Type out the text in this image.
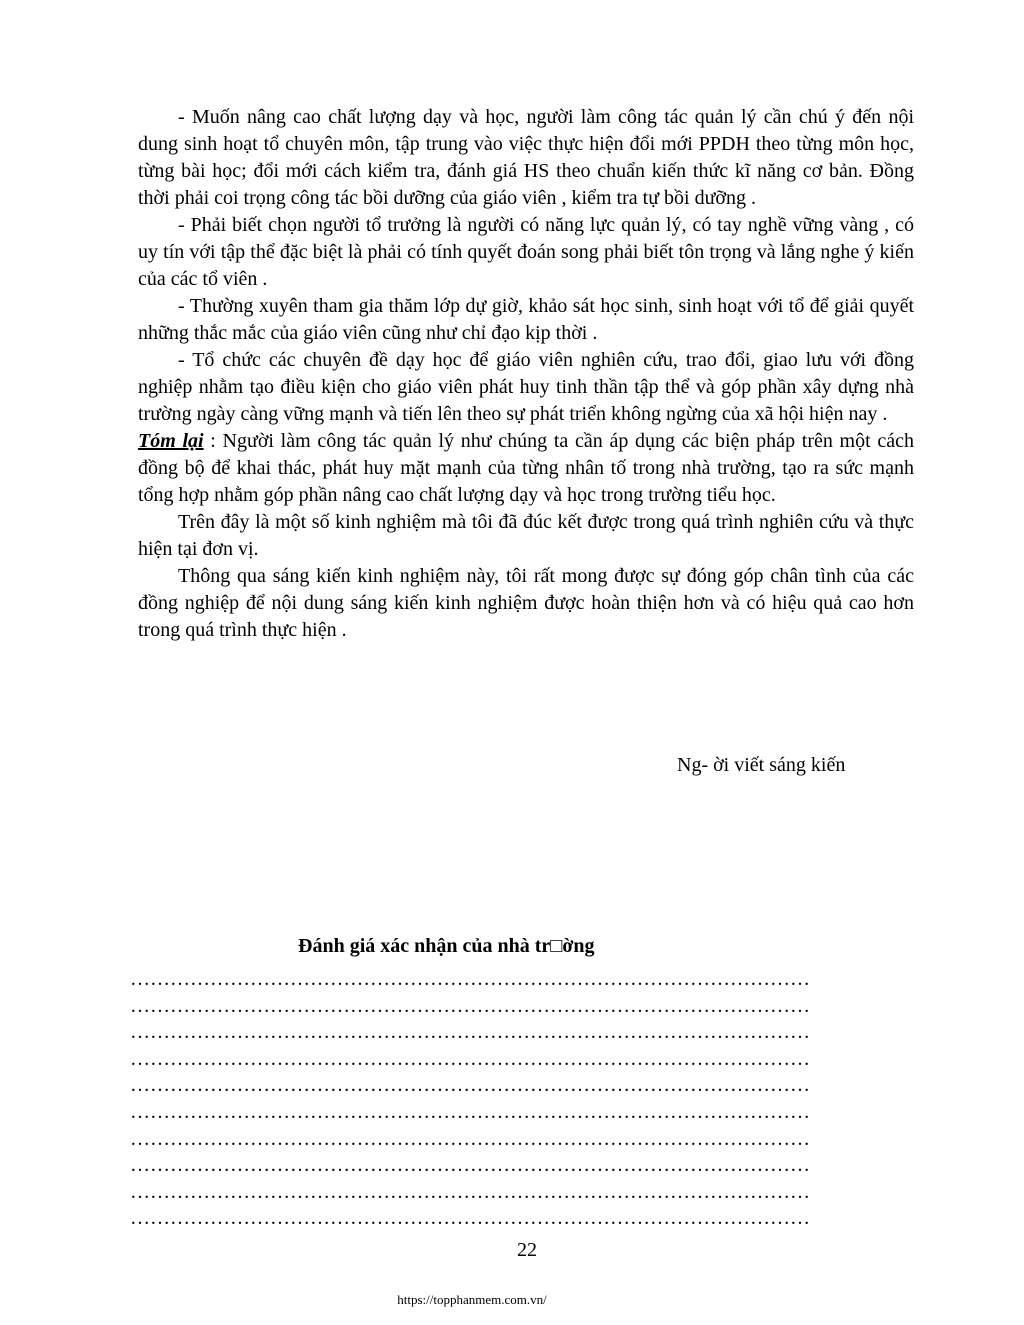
- Muốn nâng cao chất lượng dạy và học, người làm công tác quản lý cần chú ý đến nội dung sinh hoạt tổ chuyên môn, tập trung vào việc thực hiện đổi mới PPDH theo từng môn học, từng bài học; đổi mới cách kiểm tra, đánh giá HS theo chuẩn kiến thức kĩ năng cơ bản. Đồng thời phải coi trọng công tác bồi dưỡng của giáo viên , kiểm tra tự bồi dưỡng .

- Phải biết chọn người tổ trưởng là người có năng lực quản lý, có tay nghề vững vàng , có uy tín với tập thể đặc biệt là phải có tính quyết đoán song phải biết tôn trọng và lắng nghe ý kiến của các tổ viên .

- Thường xuyên tham gia thăm lớp dự giờ, khảo sát học sinh, sinh hoạt với tổ để giải quyết những thắc mắc của giáo viên cũng như chỉ đạo kịp thời .

- Tổ chức các chuyên đề dạy học để giáo viên nghiên cứu, trao đổi, giao lưu với đồng nghiệp nhằm tạo điều kiện cho giáo viên phát huy tinh thần tập thể và góp phần xây dựng nhà trường ngày càng vững mạnh và tiến lên theo sự phát triển không ngừng của xã hội hiện nay .

Tóm lại : Người làm công tác quản lý như chúng ta cần áp dụng các biện pháp trên một cách đồng bộ để khai thác, phát huy mặt mạnh của từng nhân tố trong nhà trường, tạo ra sức mạnh tổng hợp nhằm góp phần nâng cao chất lượng dạy và học trong trường tiểu học.

Trên đây là một số kinh nghiệm mà tôi đã đúc kết được trong quá trình nghiên cứu và thực hiện tại đơn vị.

Thông qua sáng kiến kinh nghiệm này, tôi rất mong được sự đóng góp chân tình của các đồng nghiệp để nội dung sáng kiến kinh nghiệm được hoàn thiện hơn và có hiệu quả cao hơn trong quá trình thực hiện .

Ng- ời viết sáng kiến
Đánh giá xác nhận của nhà tr□ờng
…………………………………………………………………………………………
…………………………………………………………………………………………
…………………………………………………………………………………………
…………………………………………………………………………………………
…………………………………………………………………………………………
…………………………………………………………………………………………
…………………………………………………………………………………………
…………………………………………………………………………………………
…………………………………………………………………………………………
…………………………………………………………………………………………
22
https://topphanmem.com.vn/
